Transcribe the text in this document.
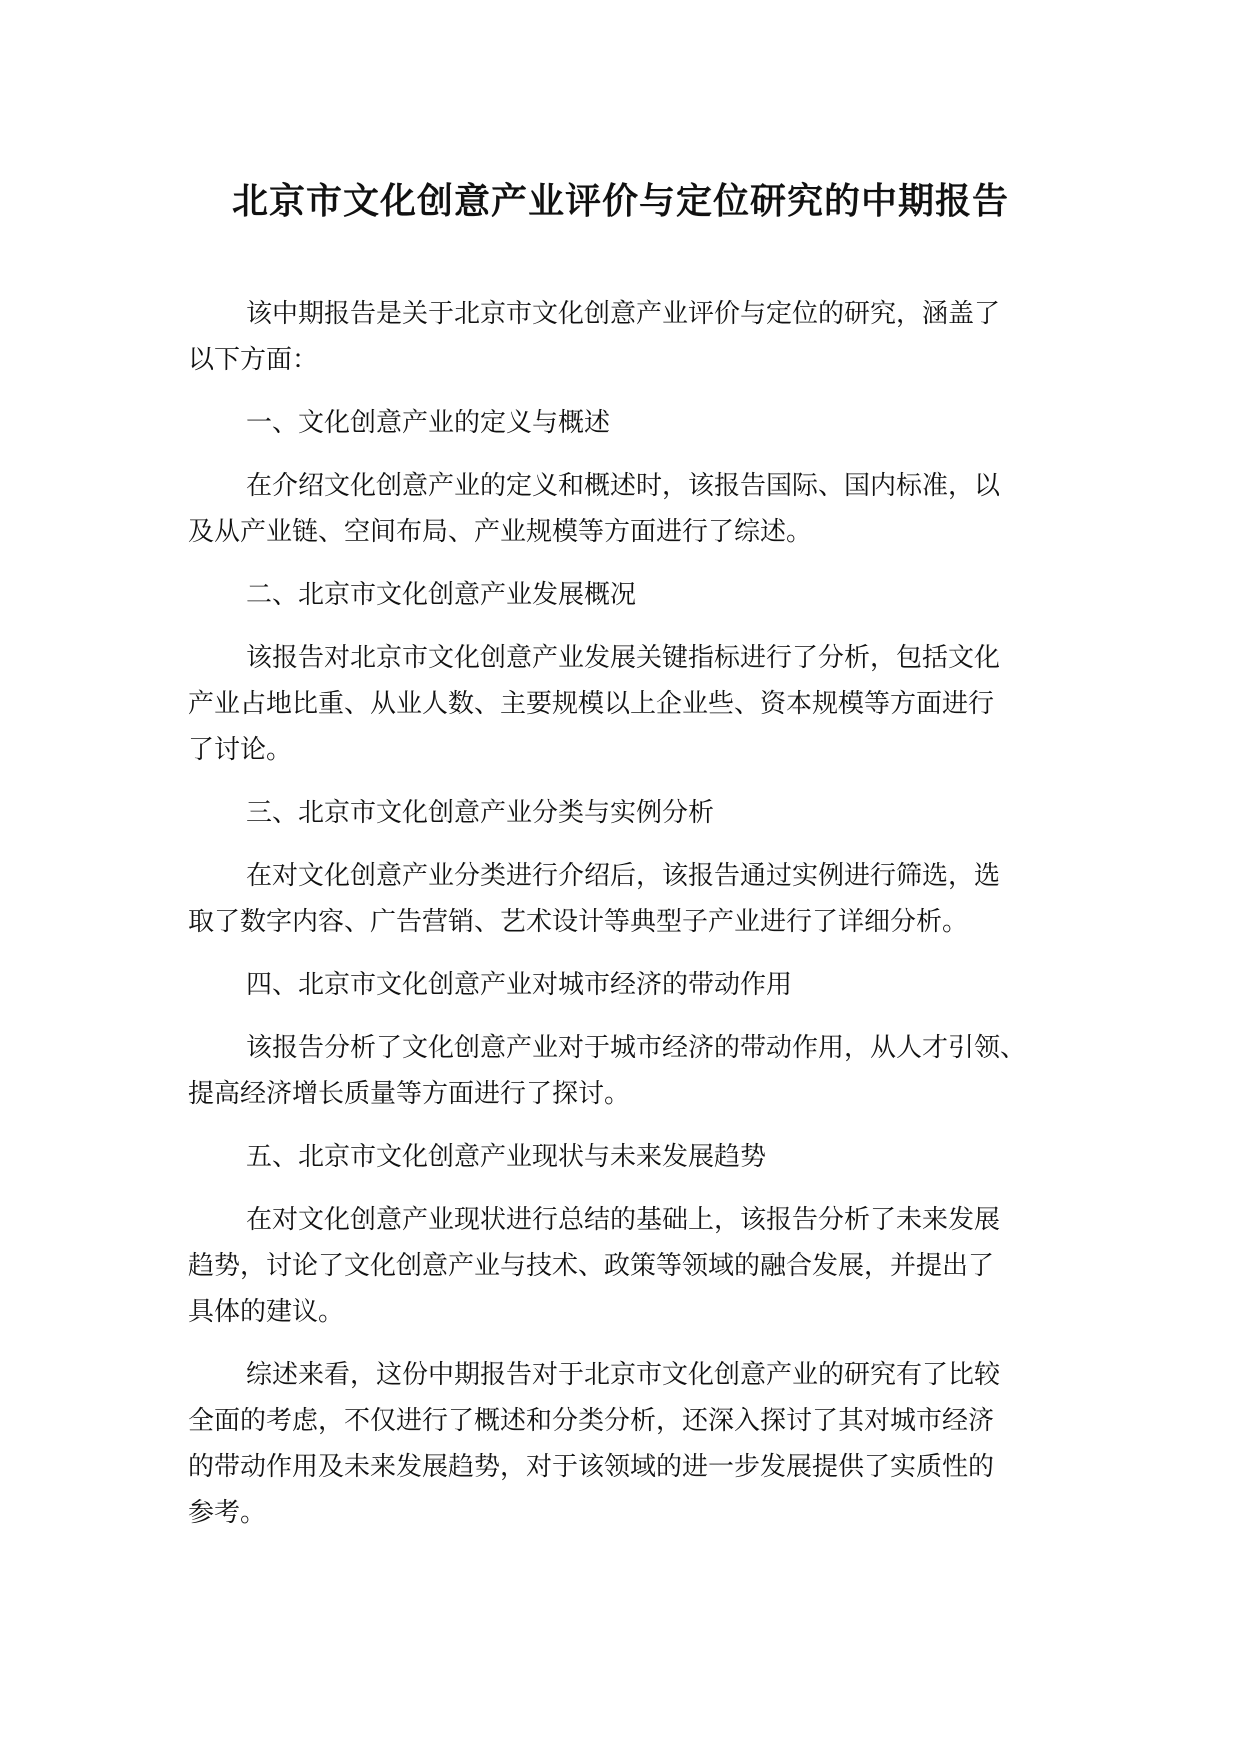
北京市文化创意产业评价与定位研究的中期报告

该中期报告是关于北京市文化创意产业评价与定位的研究，涵盖了
以下方面：

一、文化创意产业的定义与概述

在介绍文化创意产业的定义和概述时，该报告国际、国内标准，以
及从产业链、空间布局、产业规模等方面进行了综述。

二、北京市文化创意产业发展概况

该报告对北京市文化创意产业发展关键指标进行了分析，包括文化
产业占地比重、从业人数、主要规模以上企业些、资本规模等方面进行
了讨论。

三、北京市文化创意产业分类与实例分析

在对文化创意产业分类进行介绍后，该报告通过实例进行筛选，选
取了数字内容、广告营销、艺术设计等典型子产业进行了详细分析。

四、北京市文化创意产业对城市经济的带动作用

该报告分析了文化创意产业对于城市经济的带动作用，从人才引领、
提高经济增长质量等方面进行了探讨。

五、北京市文化创意产业现状与未来发展趋势

在对文化创意产业现状进行总结的基础上，该报告分析了未来发展
趋势，讨论了文化创意产业与技术、政策等领域的融合发展，并提出了
具体的建议。

综述来看，这份中期报告对于北京市文化创意产业的研究有了比较
全面的考虑，不仅进行了概述和分类分析，还深入探讨了其对城市经济
的带动作用及未来发展趋势，对于该领域的进一步发展提供了实质性的
参考。
